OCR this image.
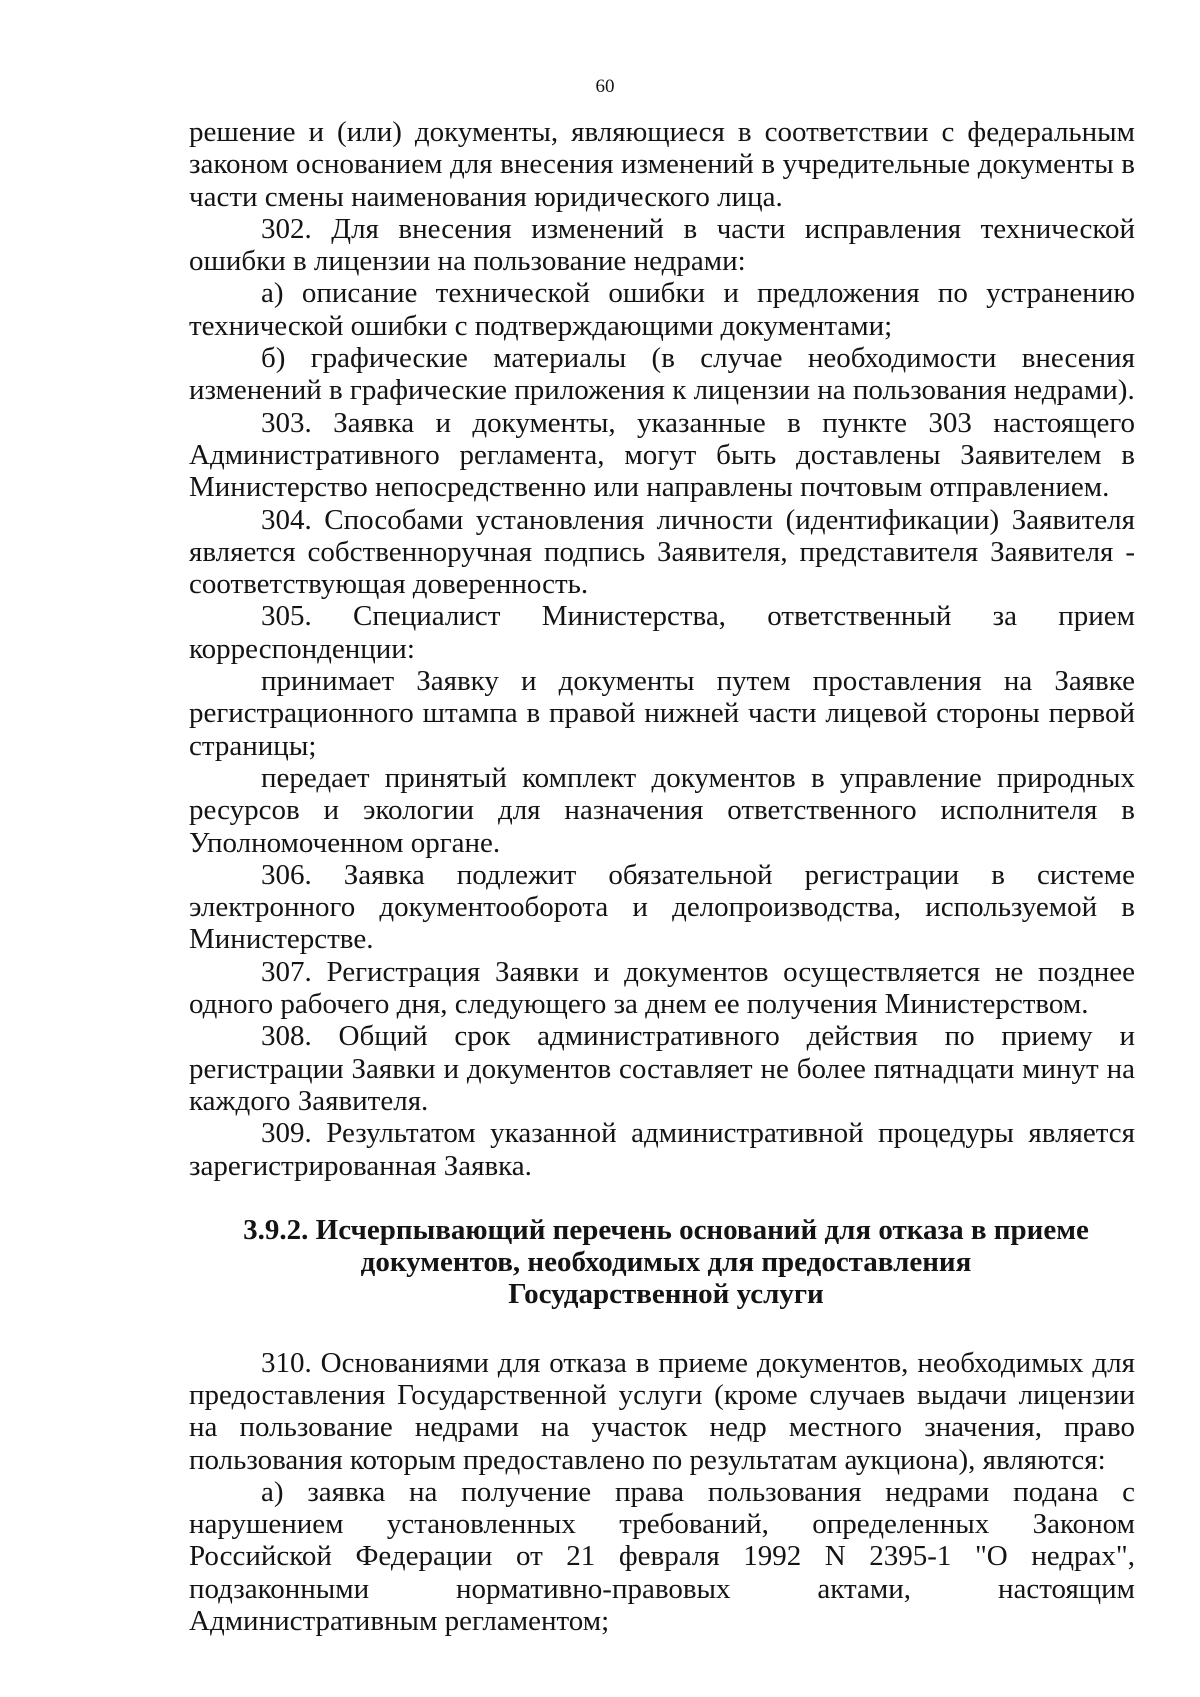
60

решение и (или) документы, являющиеся в соответствии с федеральным законом основанием для внесения изменений в учредительные документы в части смены наименования юридического лица.

302. Для внесения изменений в части исправления технической ошибки в лицензии на пользование недрами:

а) описание технической ошибки и предложения по устранению технической ошибки с подтверждающими документами;

б) графические материалы (в случае необходимости внесения изменений в графические приложения к лицензии на пользования недрами).

303. Заявка и документы, указанные в пункте 303 настоящего Административного регламента, могут быть доставлены Заявителем в Министерство непосредственно или направлены почтовым отправлением.

304. Способами установления личности (идентификации) Заявителя является собственноручная подпись Заявителя, представителя Заявителя - соответствующая доверенность.

305. Специалист Министерства, ответственный за прием корреспонденции:

принимает Заявку и документы путем проставления на Заявке регистрационного штампа в правой нижней части лицевой стороны первой страницы;

передает принятый комплект документов в управление природных ресурсов и экологии для назначения ответственного исполнителя в Уполномоченном органе.

306. Заявка подлежит обязательной регистрации в системе электронного документооборота и делопроизводства, используемой в Министерстве.

307. Регистрация Заявки и документов осуществляется не позднее одного рабочего дня, следующего за днем ее получения Министерством.

308. Общий срок административного действия по приему и регистрации Заявки и документов составляет не более пятнадцати минут на каждого Заявителя.

309. Результатом указанной административной процедуры является зарегистрированная Заявка.

3.9.2. Исчерпывающий перечень оснований для отказа в приеме
документов, необходимых для предоставления
Государственной услуги

310. Основаниями для отказа в приеме документов, необходимых для предоставления Государственной услуги (кроме случаев выдачи лицензии на пользование недрами на участок недр местного значения, право пользования которым предоставлено по результатам аукциона), являются:

а) заявка на получение права пользования недрами подана с нарушением установленных требований, определенных Законом Российской Федерации от 21 февраля 1992 N 2395-1 "О недрах", подзаконными нормативно-правовых актами, настоящим Административным регламентом;
